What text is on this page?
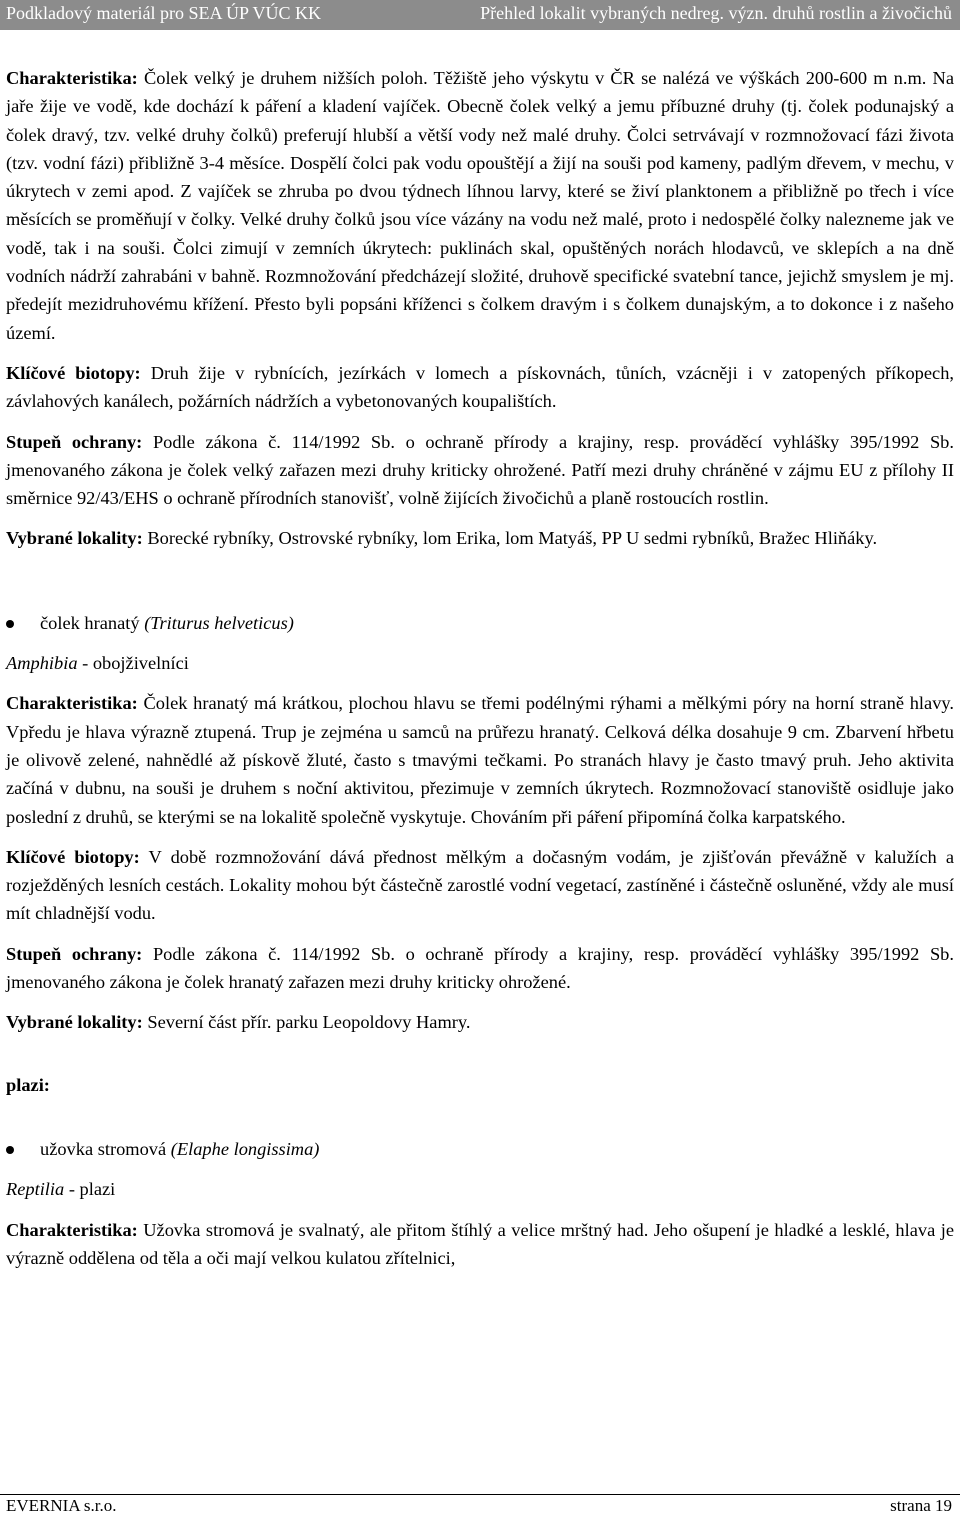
Podkladový materiál pro SEA ÚP VÚC KK	Přehled lokalit vybraných nedreg. význ. druhů rostlin a živočichů

Charakteristika: Čolek velký je druhem nižších poloh. Těžiště jeho výskytu v ČR se nalézá ve výškách 200-600 m n.m. Na jaře žije ve vodě, kde dochází k páření a kladení vajíček. Obecně čolek velký a jemu příbuzné druhy (tj. čolek podunajský a čolek dravý, tzv. velké druhy čolků) preferují hlubší a větší vody než malé druhy. Čolci setrvávají v rozmnožovací fázi života (tzv. vodní fázi) přibližně 3-4 měsíce. Dospělí čolci pak vodu opouštějí a žijí na souši pod kameny, padlým dřevem, v mechu, v úkrytech v zemi apod. Z vajíček se zhruba po dvou týdnech líhnou larvy, které se živí planktonem a přibližně po třech i více měsících se proměňují v čolky. Velké druhy čolků jsou více vázány na vodu než malé, proto i nedospělé čolky nalezneme jak ve vodě, tak i na souši. Čolci zimují v zemních úkrytech: puklinách skal, opuštěných norách hlodavců, ve sklepích a na dně vodních nádrží zahrabáni v bahně. Rozmnožování předcházejí složité, druhově specifické svatební tance, jejichž smyslem je mj. předejít mezidruhovému křížení. Přesto byli popsáni kříženci s čolkem dravým i s čolkem dunajským, a to dokonce i z našeho území.

Klíčové biotopy: Druh žije v rybnících, jezírkách v lomech a pískovnách, tůních, vzácněji i v zatopených příkopech, závlahových kanálech, požárních nádržích a vybetonovaných koupalištích.

Stupeň ochrany: Podle zákona č. 114/1992 Sb. o ochraně přírody a krajiny, resp. prováděcí vyhlášky 395/1992 Sb. jmenovaného zákona je čolek velký zařazen mezi druhy kriticky ohrožené. Patří mezi druhy chráněné v zájmu EU z přílohy II směrnice 92/43/EHS o ochraně přírodních stanovišť, volně žijících živočichů a planě rostoucích rostlin.

Vybrané lokality: Borecké rybníky, Ostrovské rybníky, lom Erika, lom Matyáš, PP U sedmi rybníků, Bražec Hliňáky.

čolek hranatý (Triturus helveticus)
Amphibia - obojživelníci

Charakteristika: Čolek hranatý má krátkou, plochou hlavu se třemi podélnými rýhami a mělkými póry na horní straně hlavy. Vpředu je hlava výrazně ztupená. Trup je zejména u samců na průřezu hranatý. Celková délka dosahuje 9 cm. Zbarvení hřbetu je olivově zelené, nahnědlé až pískově žluté, často s tmavými tečkami. Po stranách hlavy je často tmavý pruh. Jeho aktivita začíná v dubnu, na souši je druhem s noční aktivitou, přezimuje v zemních úkrytech. Rozmnožovací stanoviště osidluje jako poslední z druhů, se kterými se na lokalitě společně vyskytuje. Chováním při páření připomíná čolka karpatského.

Klíčové biotopy: V době rozmnožování dává přednost mělkým a dočasným vodám, je zjišťován převážně v kalužích a rozježděných lesních cestách. Lokality mohou být částečně zarostlé vodní vegetací, zastíněné i částečně osluněné, vždy ale musí mít chladnější vodu.

Stupeň ochrany: Podle zákona č. 114/1992 Sb. o ochraně přírody a krajiny, resp. prováděcí vyhlášky 395/1992 Sb. jmenovaného zákona je čolek hranatý zařazen mezi druhy kriticky ohrožené.

Vybrané lokality: Severní část přír. parku Leopoldovy Hamry.

plazi:
užovka stromová (Elaphe longissima)
Reptilia - plazi

Charakteristika: Užovka stromová je svalnatý, ale přitom štíhlý a velice mrštný had. Jeho ošupení je hladké a lesklé, hlava je výrazně oddělena od těla a oči mají velkou kulatou zřítelnici,

EVERNIA s.r.o.	strana 19
